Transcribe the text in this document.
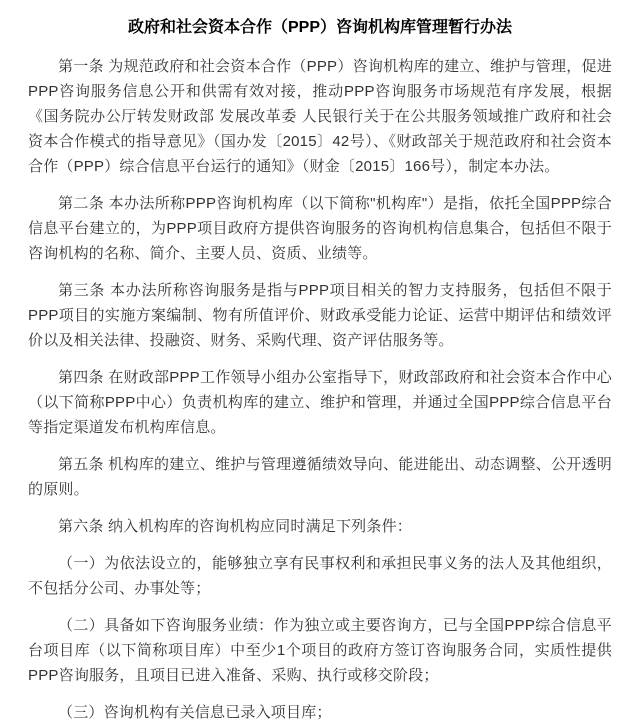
政府和社会资本合作（PPP）咨询机构库管理暂行办法

第一条 为规范政府和社会资本合作（PPP）咨询机构库的建立、维护与管理，促进PPP咨询服务信息公开和供需有效对接，推动PPP咨询服务市场规范有序发展，根据《国务院办公厅转发财政部 发展改革委 人民银行关于在公共服务领域推广政府和社会资本合作模式的指导意见》（国办发〔2015〕42号）、《财政部关于规范政府和社会资本合作（PPP）综合信息平台运行的通知》（财金〔2015〕166号），制定本办法。

第二条 本办法所称PPP咨询机构库（以下简称"机构库"）是指，依托全国PPP综合信息平台建立的，为PPP项目政府方提供咨询服务的咨询机构信息集合，包括但不限于咨询机构的名称、简介、主要人员、资质、业绩等。

第三条 本办法所称咨询服务是指与PPP项目相关的智力支持服务，包括但不限于PPP项目的实施方案编制、物有所值评价、财政承受能力论证、运营中期评估和绩效评价以及相关法律、投融资、财务、采购代理、资产评估服务等。

第四条 在财政部PPP工作领导小组办公室指导下，财政部政府和社会资本合作中心（以下简称PPP中心）负责机构库的建立、维护和管理，并通过全国PPP综合信息平台等指定渠道发布机构库信息。

第五条 机构库的建立、维护与管理遵循绩效导向、能进能出、动态调整、公开透明的原则。

第六条 纳入机构库的咨询机构应同时满足下列条件：

（一）为依法设立的，能够独立享有民事权利和承担民事义务的法人及其他组织，不包括分公司、办事处等；

（二）具备如下咨询服务业绩：作为独立或主要咨询方，已与全国PPP综合信息平台项目库（以下简称项目库）中至少1个项目的政府方签订咨询服务合同，实质性提供PPP咨询服务，且项目已进入准备、采购、执行或移交阶段；

（三）咨询机构有关信息已录入项目库；
